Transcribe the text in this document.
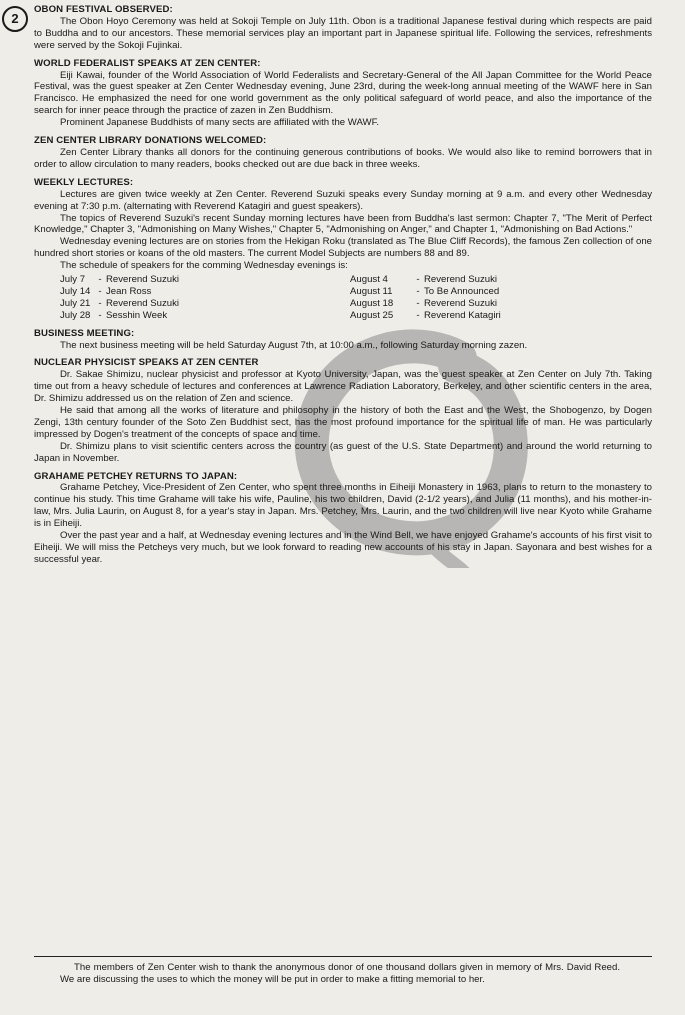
2
OBON FESTIVAL OBSERVED:

The Obon Hoyo Ceremony was held at Sokoji Temple on July 11th. Obon is a traditional Japanese festival during which respects are paid to Buddha and to our ancestors. These memorial services play an important part in Japanese spiritual life. Following the services, refreshments were served by the Sokoji Fujinkai.

WORLD FEDERALIST SPEAKS AT ZEN CENTER:

Eiji Kawai, founder of the World Association of World Federalists and Secretary-General of the All Japan Committee for the World Peace Festival, was the guest speaker at Zen Center Wednesday evening, June 23rd, during the week-long annual meeting of the WAWF here in San Francisco. He emphasized the need for one world government as the only political safeguard of world peace, and also the importance of the search for inner peace through the practice of zazen in Zen Buddhism.

Prominent Japanese Buddhists of many sects are affiliated with the WAWF.

ZEN CENTER LIBRARY DONATIONS WELCOMED:

Zen Center Library thanks all donors for the continuing generous contributions of books. We would also like to remind borrowers that in order to allow circulation to many readers, books checked out are due back in three weeks.

WEEKLY LECTURES:

Lectures are given twice weekly at Zen Center. Reverend Suzuki speaks every Sunday morning at 9 a.m. and every other Wednesday evening at 7:30 p.m. (alternating with Reverend Katagiri and guest speakers).

The topics of Reverend Suzuki's recent Sunday morning lectures have been from Buddha's last sermon: Chapter 7, "The Merit of Perfect Knowledge," Chapter 3, "Admonishing on Many Wishes," Chapter 5, "Admonishing on Anger," and Chapter 1, "Admonishing on Bad Actions."

Wednesday evening lectures are on stories from the Hekigan Roku (translated as The Blue Cliff Records), the famous Zen collection of one hundred short stories or koans of the old masters. The current Model Subjects are numbers 88 and 89.

The schedule of speakers for the comming Wednesday evenings is:

July 7	- Reverend Suzuki	August 4	- Reverend Suzuki
July 14 - Jean Ross	August 11	- To Be Announced
July 21 - Reverend Suzuki	August 18	- Reverend Suzuki
July 28 - Sesshin Week	August 25	- Reverend Katagiri
BUSINESS MEETING:

The next business meeting will be held Saturday August 7th, at 10:00 a.m., following Saturday morning zazen.

NUCLEAR PHYSICIST SPEAKS AT ZEN CENTER

Dr. Sakae Shimizu, nuclear physicist and professor at Kyoto University, Japan, was the guest speaker at Zen Center on July 7th. Taking time out from a heavy schedule of lectures and conferences at Lawrence Radiation Laboratory, Berkeley, and other scientific centers in the area, Dr. Shimizu addressed us on the relation of Zen and science.

He said that among all the works of literature and philosophy in the history of both the East and the West, the Shobogenzo, by Dogen Zengi, 13th century founder of the Soto Zen Buddhist sect, has the most profound importance for the spiritual life of man. He was particularly impressed by Dogen's treatment of the concepts of space and time.

Dr. Shimizu plans to visit scientific centers across the country (as guest of the U.S. State Department) and around the world returning to Japan in November.

GRAHAME PETCHEY RETURNS TO JAPAN:

Grahame Petchey, Vice-President of Zen Center, who spent three months in Eiheiji Monastery in 1963, plans to return to the monastery to continue his study. This time Grahame will take his wife, Pauline, his two children, David (2-1/2 years), and Julia (11 months), and his mother-in-law, Mrs. Julia Laurin, on August 8, for a year's stay in Japan. Mrs. Petchey, Mrs. Laurin, and the two children will live near Kyoto while Grahame is in Eiheiji.

Over the past year and a half, at Wednesday evening lectures and in the Wind Bell, we have enjoyed Grahame's accounts of his first visit to Eiheiji. We will miss the Petcheys very much, but we look forward to reading new accounts of his stay in Japan. Sayonara and best wishes for a successful year.

The members of Zen Center wish to thank the anonymous donor of one thousand dollars given in memory of Mrs. David Reed. We are discussing the uses to which the money will be put in order to make a fitting memorial to her.
